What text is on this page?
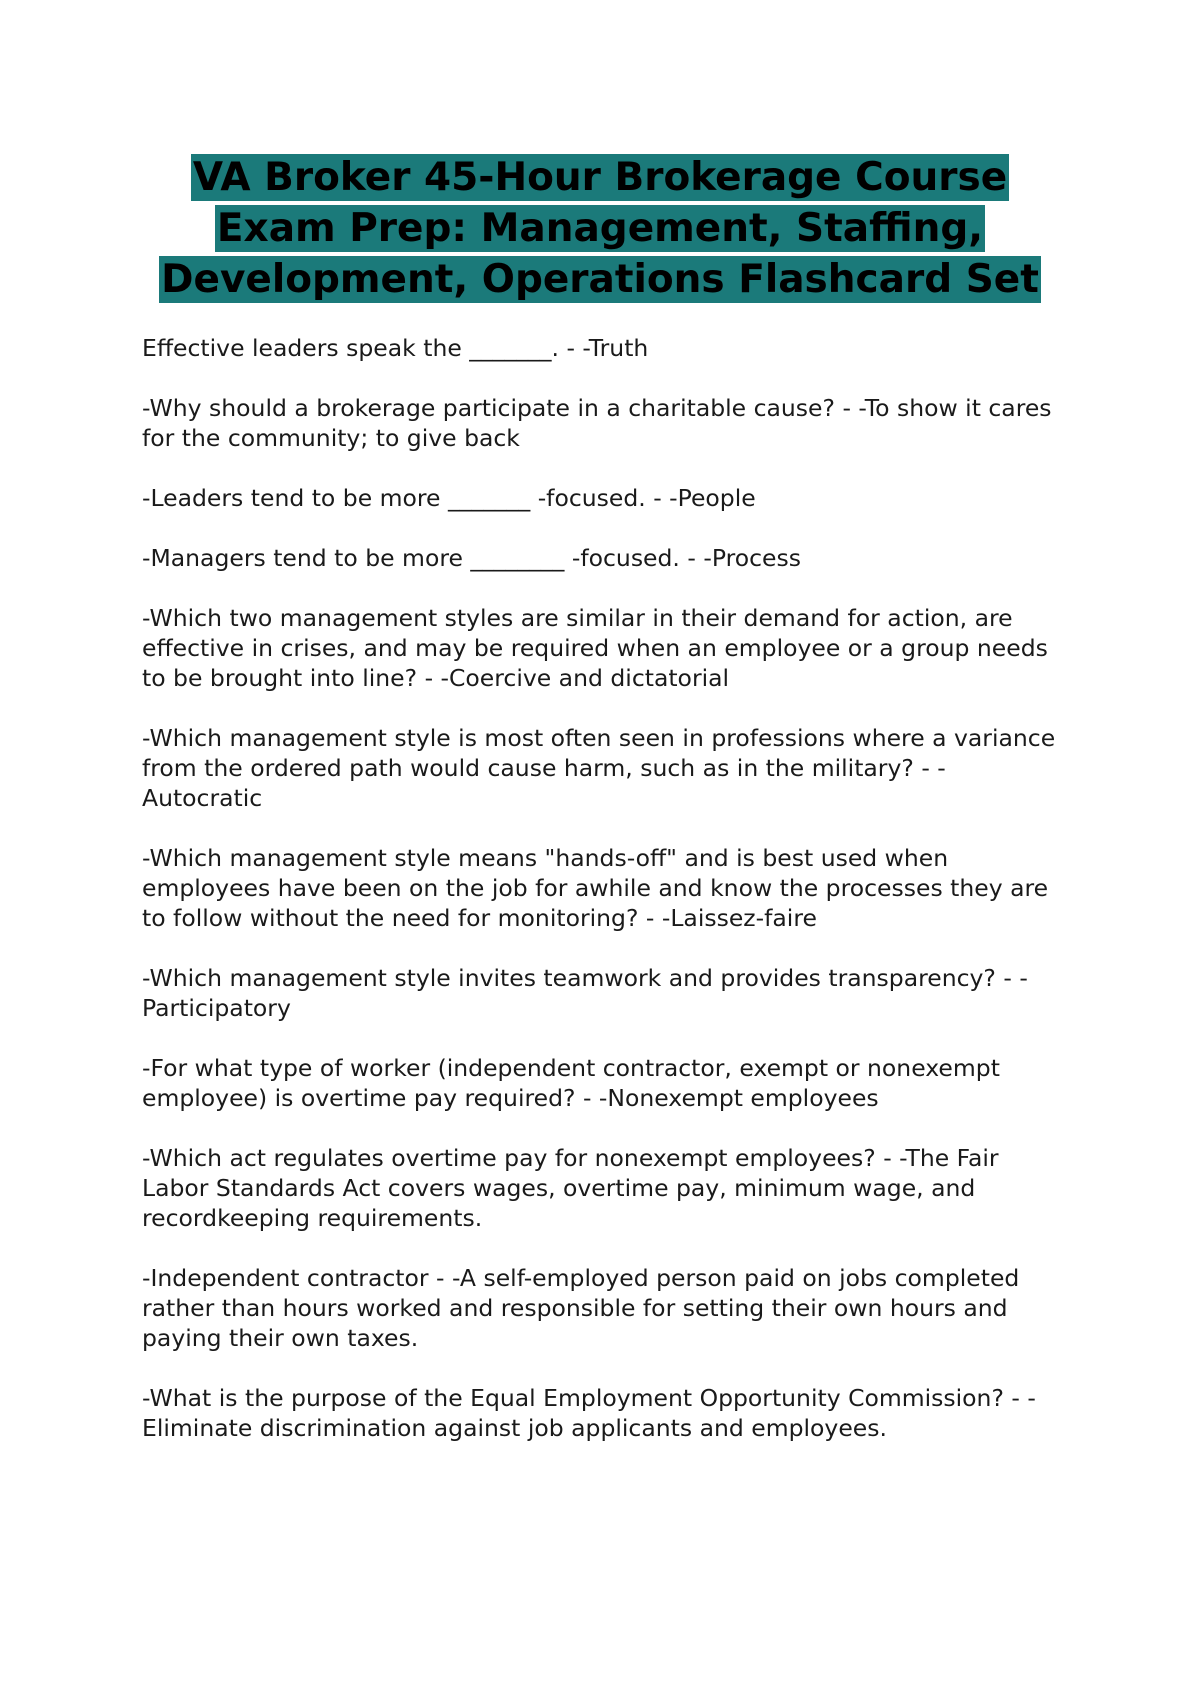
VA Broker 45-Hour Brokerage Course Exam Prep: Management, Staffing, Development, Operations Flashcard Set
Effective leaders speak the _______. - -Truth
-Why should a brokerage participate in a charitable cause? - -To show it cares for the community; to give back
-Leaders tend to be more _______ -focused. - -People
-Managers tend to be more ________ -focused. - -Process
-Which two management styles are similar in their demand for action, are effective in crises, and may be required when an employee or a group needs to be brought into line? - -Coercive and dictatorial
-Which management style is most often seen in professions where a variance from the ordered path would cause harm, such as in the military? - -Autocratic
-Which management style means "hands-off" and is best used when employees have been on the job for awhile and know the processes they are to follow without the need for monitoring? - -Laissez-faire
-Which management style invites teamwork and provides transparency? - -Participatory
-For what type of worker (independent contractor, exempt or nonexempt employee) is overtime pay required? - -Nonexempt employees
-Which act regulates overtime pay for nonexempt employees? - -The Fair Labor Standards Act covers wages, overtime pay, minimum wage, and recordkeeping requirements.
-Independent contractor - -A self-employed person paid on jobs completed rather than hours worked and responsible for setting their own hours and paying their own taxes.
-What is the purpose of the Equal Employment Opportunity Commission? - -Eliminate discrimination against job applicants and employees.
